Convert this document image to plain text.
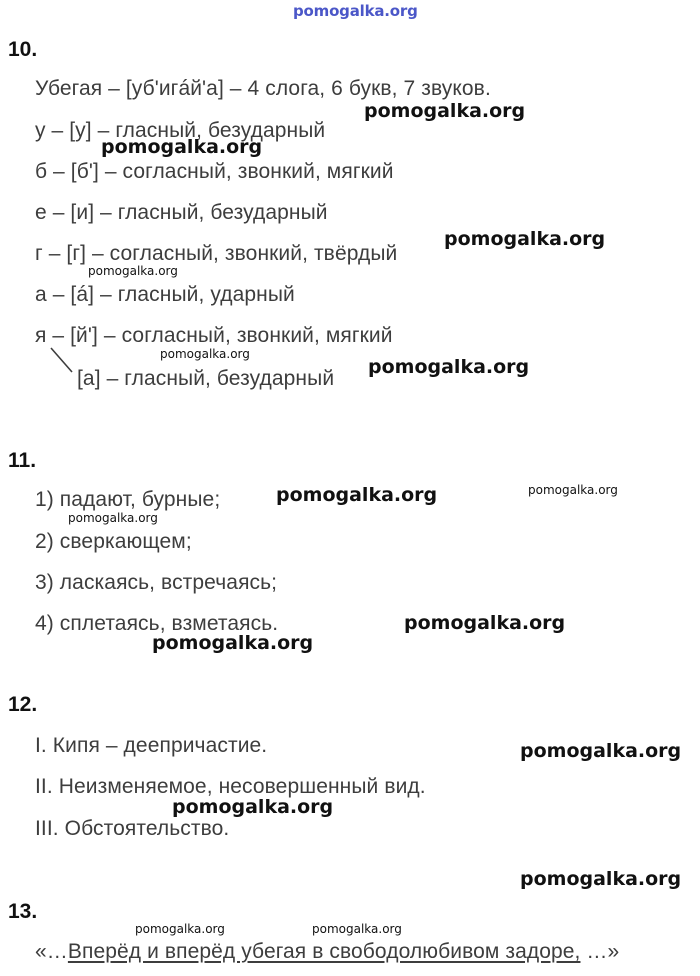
pomogalka.org
10.
Убегая – [уб'игáй'а] – 4 слога, 6 букв, 7 звуков.
у – [у] – гласный, безударный
б – [б'] – согласный, звонкий, мягкий
е – [и] – гласный, безударный
г – [г] – согласный, звонкий, твёрдый
а – [á] – гласный, ударный
я – [й'] – согласный, звонкий, мягкий
[а] – гласный, безударный
11.
1) падают, бурные;
2) сверкающем;
3) ласкаясь, встречаясь;
4) сплетаясь, взметаясь.
12.
I. Кипя – деепричастие.
II. Неизменяемое, несовершенный вид.
III. Обстоятельство.
13.
«…Вперёд и вперёд убегая в свободолюбивом задоре, …»
pomogalka.org
pomogalka.org
pomogalka.org
pomogalka.org
pomogalka.org
pomogalka.org
pomogalka.org	pomogalka.org
pomogalka.org
pomogalka.org
pomogalka.org
pomogalka.org
pomogalka.org
pomogalka.org
pomogalka.org	pomogalka.org
